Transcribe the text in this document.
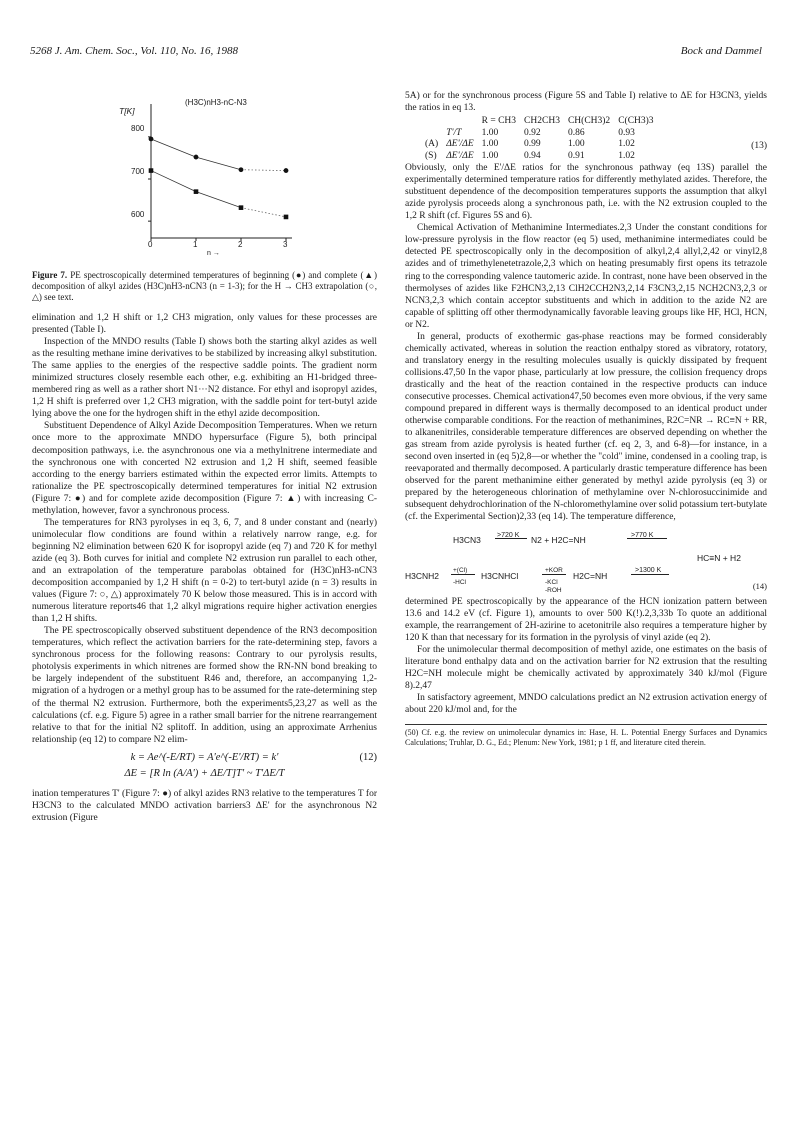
5268 J. Am. Chem. Soc., Vol. 110, No. 16, 1988	Bock and Dammel
T[K]
(H3C)nH3-nC-N3
800
700
600
0	1	2	3
n →

Figure 7. PE spectroscopically determined temperatures of beginning (●) and complete (▲) decomposition of alkyl azides (H3C)nH3-nCN3 (n = 1-3); for the H → CH3 extrapolation (○, △) see text.

elimination and 1,2 H shift or 1,2 CH3 migration, only values for these processes are presented (Table I).

Inspection of the MNDO results (Table I) shows both the starting alkyl azides as well as the resulting methane imine derivatives to be stabilized by increasing alkyl substitution. The same applies to the energies of the respective saddle points. The gradient norm minimized structures closely resemble each other, e.g. exhibiting an H1-bridged three-membered ring as well as a rather short N1···N2 distance. For ethyl and isopropyl azides, 1,2 H shift is preferred over 1,2 CH3 migration, with the saddle point for tert-butyl azide lying above the one for the hydrogen shift in the ethyl azide decomposition.

Substituent Dependence of Alkyl Azide Decomposition Temperatures. When we return once more to the approximate MNDO hypersurface (Figure 5), both principal decomposition pathways, i.e. the asynchronous one via a methylnitrene intermediate and the synchronous one with concerted N2 extrusion and 1,2 H shift, seemed feasible according to the energy barriers estimated within the expected error limits. Attempts to rationalize the PE spectroscopically determined temperatures for initial N2 extrusion (Figure 7: ●) and for complete azide decomposition (Figure 7: ▲) with increasing C-methylation, however, favor a synchronous process.

The temperatures for RN3 pyrolyses in eq 3, 6, 7, and 8 under constant and (nearly) unimolecular flow conditions are found within a relatively narrow range, e.g. for beginning N2 elimination between 620 K for isopropyl azide (eq 7) and 720 K for methyl azide (eq 3). Both curves for initial and complete N2 extrusion run parallel to each other, and an extrapolation of the temperature parabolas obtained for (H3C)nH3-nCN3 decomposition accompanied by 1,2 H shift (n = 0-2) to tert-butyl azide (n = 3) results in values (Figure 7: ○, △) approximately 70 K below those measured. This is in accord with numerous literature reports46 that 1,2 alkyl migrations require higher activation energies than 1,2 H shifts.

The PE spectroscopically observed substituent dependence of the RN3 decomposition temperatures, which reflect the activation barriers for the rate-determining step, favors a synchronous process for the following reasons: Contrary to our pyrolysis results, photolysis experiments in which nitrenes are formed show the RN-NN bond breaking to be largely independent of the substituent R46 and, therefore, an accompanying 1,2-migration of a hydrogen or a methyl group has to be assumed for the rate-determining step of the thermal N2 extrusion. Furthermore, both the experiments5,23,27 as well as the calculations (cf. e.g. Figure 5) agree in a rather small barrier for the nitrene rearrangement relative to that for the initial N2 splitoff. In addition, using an approximate Arrhenius relationship (eq 12) to compare N2 elim-

k = Ae^(-E/RT) = A'e^(-E'/RT) = k'	(12)
ΔE = [R ln (A/A') + ΔE/T]T' ~ T'ΔE/T

ination temperatures T' (Figure 7: ●) of alkyl azides RN3 relative to the temperatures T for H3CN3 to the calculated MNDO activation barriers3 ΔE' for the asynchronous N2 extrusion (Figure

5A) or for the synchronous process (Figure 5S and Table I) relative to ΔE for H3CN3, yields the ratios in eq 13.

		R = CH3	CH2CH3	CH(CH3)2	C(CH3)3
	T'/T	1.00	0.92	0.86	0.93
(A)	ΔE'/ΔE	1.00	0.99	1.00	1.02
(S)	ΔE'/ΔE	1.00	0.94	0.91	1.02
(13)

Obviously, only the E'/ΔE ratios for the synchronous pathway (eq 13S) parallel the experimentally determined temperature ratios for differently methylated azides. Therefore, the substituent dependence of the decomposition temperatures supports the assumption that alkyl azide pyrolysis proceeds along a synchronous path, i.e. with the N2 extrusion coupled to the 1,2 R shift (cf. Figures 5S and 6).

Chemical Activation of Methanimine Intermediates.2,3 Under the constant conditions for low-pressure pyrolysis in the flow reactor (eq 5) used, methanimine intermediates could be detected PE spectroscopically only in the decomposition of alkyl,2,4 allyl,2,42 or vinyl2,8 azides and of trimethylenetetrazole,2,3 which on heating presumably first opens its tetrazole ring to the corresponding valence tautomeric azide. In contrast, none have been observed in the thermolyses of azides like F2HCN3,2,13 ClH2CCH2N3,2,14 F3CN3,2,15 NCH2CN3,2,3 or NCN3,2,3 which contain acceptor substituents and which in addition to the azide N2 are capable of splitting off other thermodynamically favorable leaving groups like HF, HCl, HCN, or N2.

In general, products of exothermic gas-phase reactions may be formed considerably chemically activated, whereas in solution the reaction enthalpy stored as vibratory, rotatory, and translatory energy in the resulting molecules usually is quickly dissipated by frequent collisions.47,50 In the vapor phase, particularly at low pressure, the collision frequency drops drastically and the heat of the reaction contained in the respective products can induce consecutive processes. Chemical activation47,50 becomes even more obvious, if the very same compound prepared in different ways is thermally decomposed to an identical product under otherwise comparable conditions. For the reaction of methanimines, R2C=NR → RC≡N + RR, to alkanenitriles, considerable temperature differences are observed depending on whether the gas stream from azide pyrolysis is heated further (cf. eq 2, 3, and 6-8)—for instance, in a second oven inserted in (eq 5)2,8—or whether the "cold" imine, condensed in a cooling trap, is reevaporated and thermally decomposed. A particularly drastic temperature difference has been observed for the parent methanimine either generated by methyl azide pyrolysis (eq 3) or prepared by the heterogeneous chlorination of methylamine over N-chlorosuccinimide and subsequent dehydrochlorination of the N-chloromethylamine over solid potassium tert-butylate (cf. the Experimental Section)2,33 (eq 14). The temperature difference,

H3CN3 >720 K N2 + H2C=NH	>770 K
HC≡N + H2
H3CNH2
+(Cl)
-HCl
H3CNHCl
+KOR
-KCl
-ROH
H2C=NH
>1300 K
(14)

determined PE spectroscopically by the appearance of the HCN ionization pattern between 13.6 and 14.2 eV (cf. Figure 1), amounts to over 500 K(!).2,3,33b To quote an additional example, the rearrangement of 2H-azirine to acetonitrile also requires a temperature higher by 120 K than that necessary for its formation in the pyrolysis of vinyl azide (eq 2).

For the unimolecular thermal decomposition of methyl azide, one estimates on the basis of literature bond enthalpy data and on the activation barrier for N2 extrusion that the resulting H2C=NH molecule might be chemically activated by approximately 340 kJ/mol (Figure 8).2,47

In satisfactory agreement, MNDO calculations predict an N2 extrusion activation energy of about 220 kJ/mol and, for the

(50) Cf. e.g. the review on unimolecular dynamics in: Hase, H. L. Potential Energy Surfaces and Dynamics Calculations; Truhlar, D. G., Ed.; Plenum: New York, 1981; p 1 ff, and literature cited therein.
